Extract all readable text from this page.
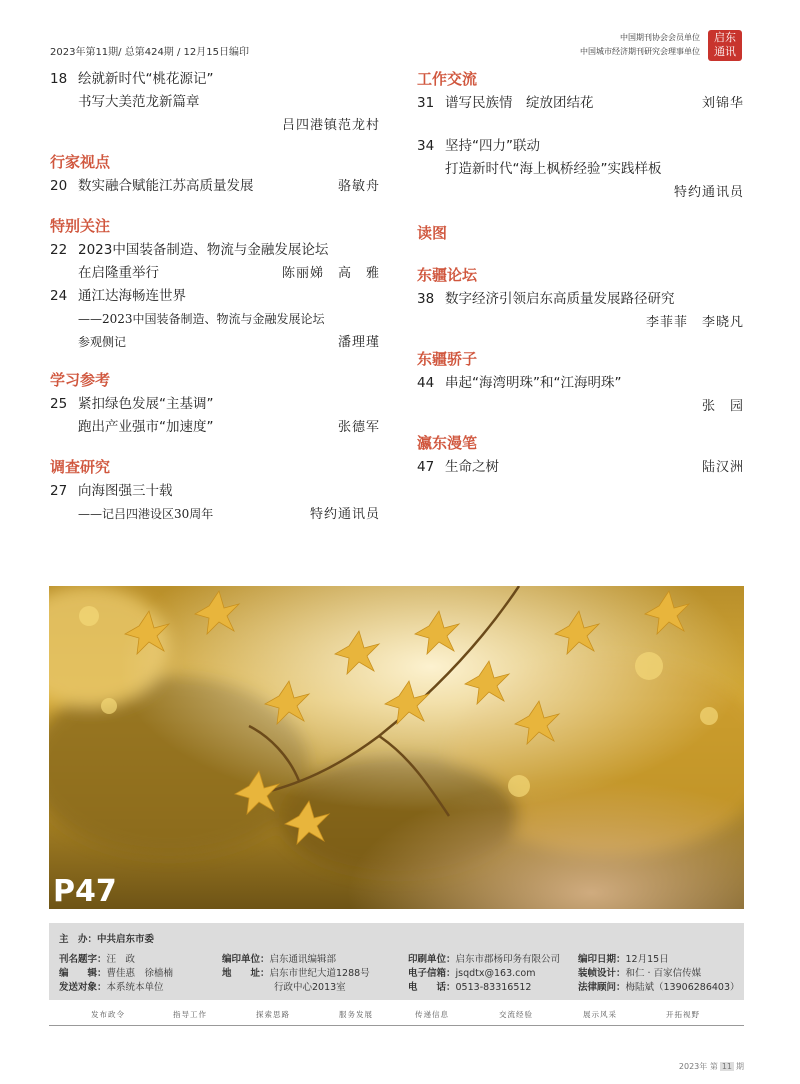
2023年第11期/ 总第424期 / 12月15日编印
中国期刊协会会员单位
中国城市经济期刊研究会理事单位
启东
通讯
18 绘就新时代“桃花源记”
书写大美范龙新篇章
吕四港镇范龙村
行家视点
20 数实融合赋能江苏高质量发展	骆敏舟
特别关注
22 2023中国装备制造、物流与金融发展论坛
在启隆重举行	陈丽娣　高　雅
24 通江达海畅连世界
——2023中国装备制造、物流与金融发展论坛
参观侧记	潘理瑾
学习参考
25 紧扣绿色发展“主基调”
跑出产业强市“加速度”	张德军
调查研究
27 向海图强三十载
——记吕四港设区30周年	特约通讯员
工作交流
31 谱写民族情　绽放团结花	刘锦华
34 坚持“四力”联动
打造新时代“海上枫桥经验”实践样板
特约通讯员
读图
东疆论坛
38 数字经济引领启东高质量发展路径研究
李菲菲　李晓凡
东疆骄子
44 串起“海湾明珠”和“江海明珠”
张　园
瀛东漫笔
47 生命之树	陆汉洲
P47
主　办：中共启东市委
刊名题字：汪　政
编　　辑：曹佳惠　徐樯楠
发送对象：本系统本单位
编印单位：启东通讯编辑部
地　　址：启东市世纪大道1288号
行政中心2013室
印刷单位：启东市郡杨印务有限公司
电子信箱：jsqdtx@163.com
电　　话：0513-83316512
编印日期：12月15日
装帧设计：和仁 · 百家信传媒
法律顾问：梅陆斌（13906286403）
发布政令	指导工作	探索思路	服务发展	传递信息	交流经验	展示风采	开拓视野
2023年 第 11 期
